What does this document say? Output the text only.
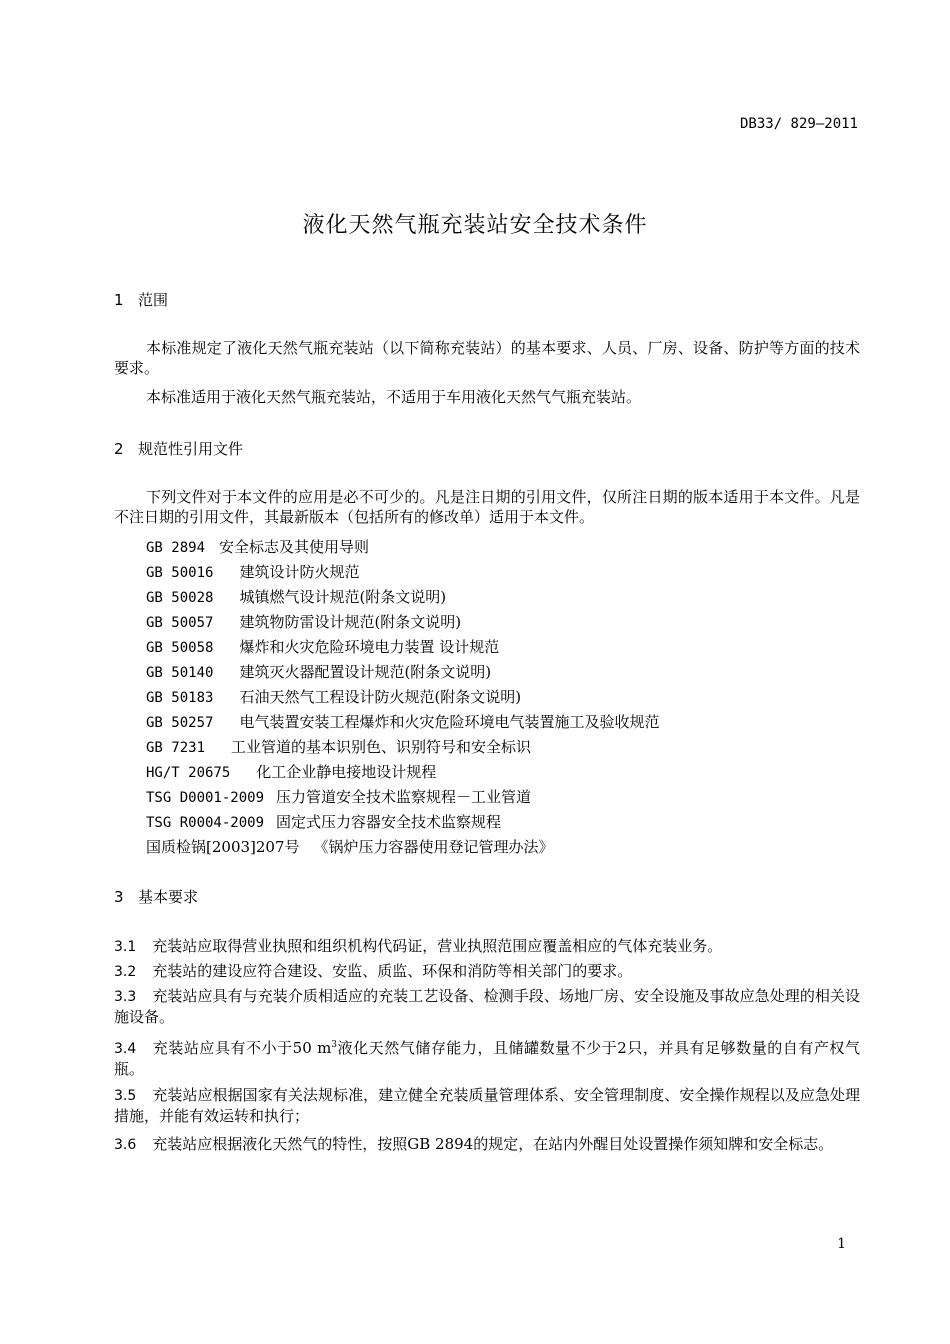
DB33/ 829—2011
液化天然气瓶充装站安全技术条件
1 范围
本标准规定了液化天然气瓶充装站（以下简称充装站）的基本要求、人员、厂房、设备、防护等方面的技术要求。
本标准适用于液化天然气瓶充装站，不适用于车用液化天然气气瓶充装站。
2 规范性引用文件
下列文件对于本文件的应用是必不可少的。凡是注日期的引用文件，仅所注日期的版本适用于本文件。凡是不注日期的引用文件，其最新版本（包括所有的修改单）适用于本文件。
GB 2894 安全标志及其使用导则
GB 50016 建筑设计防火规范
GB 50028 城镇燃气设计规范(附条文说明)
GB 50057 建筑物防雷设计规范(附条文说明)
GB 50058 爆炸和火灾危险环境电力装置 设计规范
GB 50140 建筑灭火器配置设计规范(附条文说明)
GB 50183 石油天然气工程设计防火规范(附条文说明)
GB 50257 电气装置安装工程爆炸和火灾危险环境电气装置施工及验收规范
GB 7231 工业管道的基本识别色、识别符号和安全标识
HG/T 20675 化工企业静电接地设计规程
TSG D0001-2009 压力管道安全技术监察规程－工业管道
TSG R0004-2009 固定式压力容器安全技术监察规程
国质检锅[2003]207号 《锅炉压力容器使用登记管理办法》
3 基本要求
3.1 充装站应取得营业执照和组织机构代码证，营业执照范围应覆盖相应的气体充装业务。
3.2 充装站的建设应符合建设、安监、质监、环保和消防等相关部门的要求。
3.3 充装站应具有与充装介质相适应的充装工艺设备、检测手段、场地厂房、安全设施及事故应急处理的相关设施设备。
3.4 充装站应具有不小于50 $m^3$液化天然气储存能力，且储罐数量不少于2只，并具有足够数量的自有产权气瓶。
3.5 充装站应根据国家有关法规标准，建立健全充装质量管理体系、安全管理制度、安全操作规程以及应急处理措施，并能有效运转和执行；
3.6 充装站应根据液化天然气的特性，按照GB 2894的规定，在站内外醒目处设置操作须知牌和安全标志。
1
